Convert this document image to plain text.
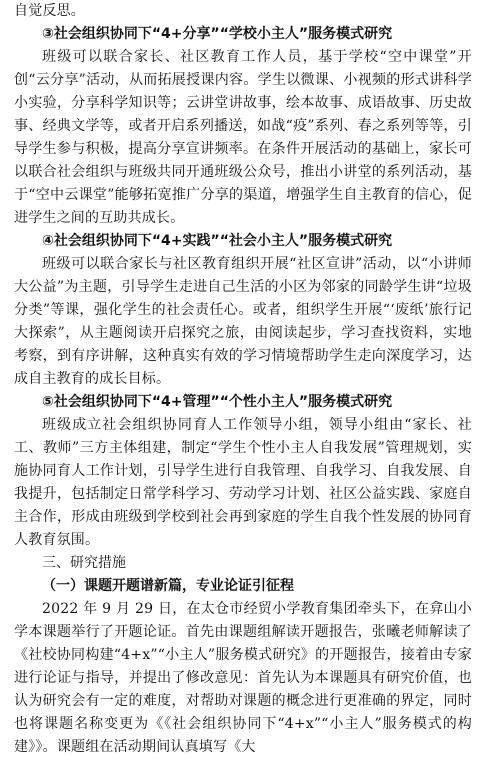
自觉反思。

③社会组织协同下“4+分享”“学校小主人”服务模式研究

班级可以联合家长、社区教育工作人员，基于学校“空中课堂”开创“云分享”活动，从而拓展授课内容。学生以微课、小视频的形式讲科学小实验，分享科学知识等；云讲堂讲故事，绘本故事、成语故事、历史故事、经典文学等，或者开启系列播送，如战“疫”系列、春之系列等等，引导学生参与积极，提高分享宣讲频率。在条件开展活动的基础上，家长可以联合社会组织与班级共同开通班级公众号，推出小讲堂的系列活动，基于“空中云课堂”能够拓宽推广分享的渠道，增强学生自主教育的信心，促进学生之间的互助共成长。

④社会组织协同下“4+实践”“社会小主人”服务模式研究

班级可以联合家长与社区教育组织开展“社区宣讲”活动，以“小讲师大公益”为主题，引导学生走进自己生活的小区为邻家的同龄学生讲“垃圾分类”等课，强化学生的社会责任心。或者，组织学生开展“‘废纸’旅行记大探索”，从主题阅读开启探究之旅，由阅读起步，学习查找资料，实地考察，到有序讲解，这种真实有效的学习情境帮助学生走向深度学习，达成自主教育的成长目标。

⑤社会组织协同下“4+管理”“个性小主人”服务模式研究

班级成立社会组织协同育人工作领导小组，领导小组由“家长、社工、教师”三方主体组建，制定“学生个性小主人自我发展”管理规划，实施协同育人工作计划，引导学生进行自我管理、自我学习、自我发展、自我提升，包括制定日常学科学习、劳动学习计划、社区公益实践、家庭自主合作，形成由班级到学校到社会再到家庭的学生自我个性发展的协同育人教育氛围。

三、研究措施

（一）课题开题谱新篇，专业论证引征程

2022 年 9 月 29 日，在太仓市经贸小学教育集团牵头下，在弇山小学本课题举行了开题论证。首先由课题组解读开题报告，张曦老师解读了《社校协同构建“4+x”“小主人”服务模式研究》的开题报告，接着由专家进行论证与指导，并提出了修改意见：首先认为本课题具有研究价值，也认为研究会有一定的难度，对帮助对课题的概念进行更准确的界定，同时也将课题名称变更为《《社会组织协同下“4+x”“小主人”服务模式的构建》》。课题组在活动期间认真填写《大
